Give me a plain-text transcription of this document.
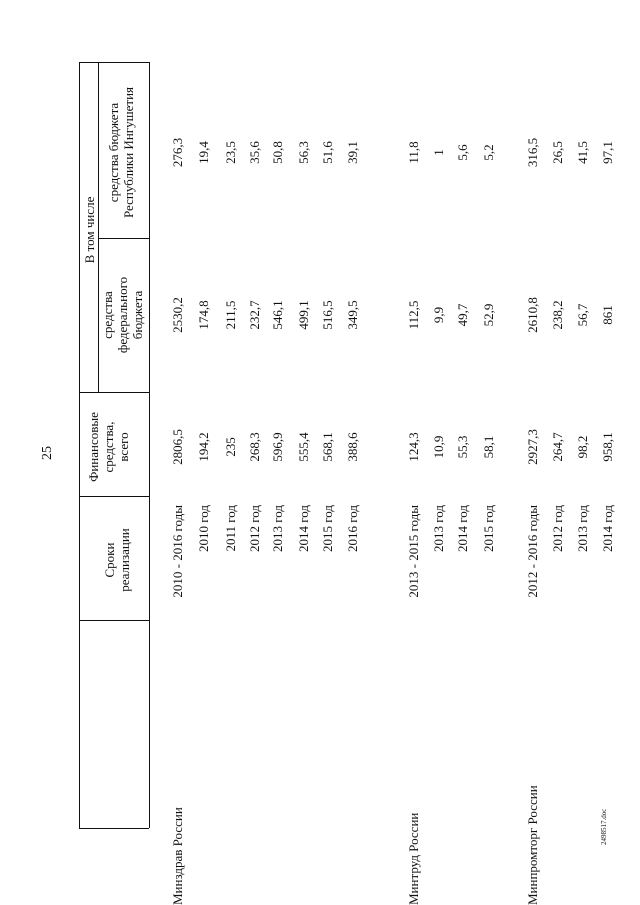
25
2498517.doc
Сроки реализации
Финансовые средства, всего
В том числе
средства федерального бюджета
средства бюджета Республики Ингушетия
Минздрав России
2010 - 2016 годы
2806,5
2530,2
276,3
2010 год
194,2
174,8
19,4
2011 год
235
211,5
23,5
2012 год
268,3
232,7
35,6
2013 год
596,9
546,1
50,8
2014 год
555,4
499,1
56,3
2015 год
568,1
516,5
51,6
2016 год
388,6
349,5
39,1
Минтруд России
2013 - 2015 годы
124,3
112,5
11,8
2013 год
10,9
9,9
1
2014 год
55,3
49,7
5,6
2015 год
58,1
52,9
5,2
Минпромторг России
2012 - 2016 годы
2927,3
2610,8
316,5
2012 год
264,7
238,2
26,5
2013 год
98,2
56,7
41,5
2014 год
958,1
861
97,1
